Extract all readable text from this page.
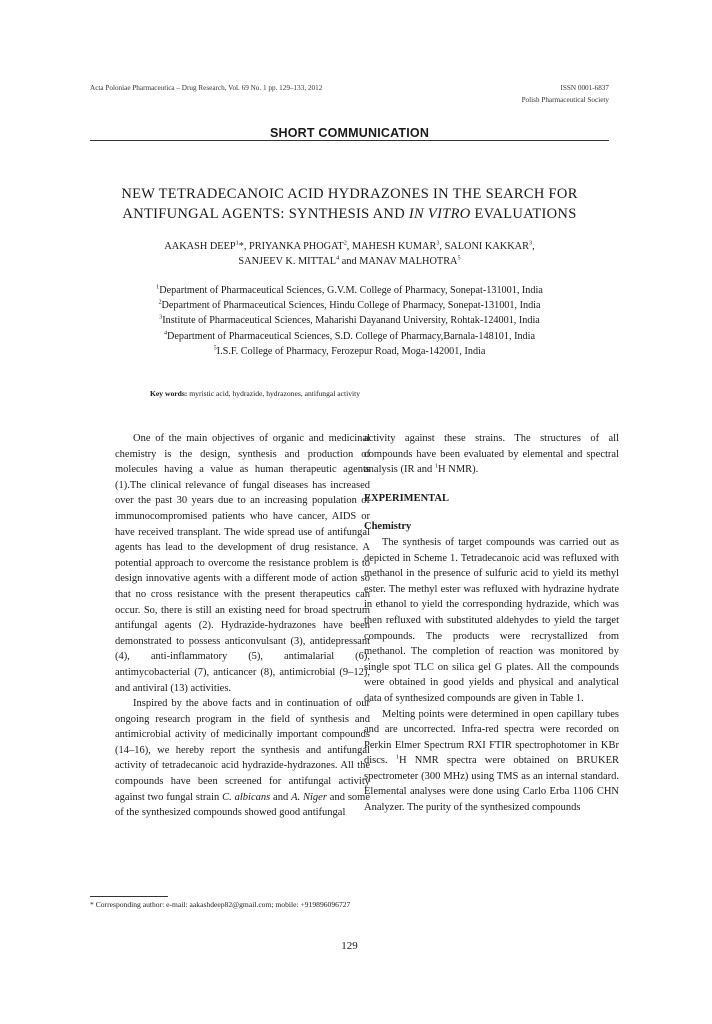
Acta Poloniae Pharmaceutica – Drug Research, Vol. 69 No. 1 pp. 129–133, 2012	ISSN 0001-6837
Polish Pharmaceutical Society
SHORT COMMUNICATION
NEW TETRADECANOIC ACID HYDRAZONES IN THE SEARCH FOR
ANTIFUNGAL AGENTS: SYNTHESIS AND IN VITRO EVALUATIONS
AAKASH DEEP$^1$*, PRIYANKA PHOGAT$^2$, MAHESH KUMAR$^3$, SALONI KAKKAR$^3$,
SANJEEV K. MITTAL$^4$ and MANAV MALHOTRA$^5$
$^1$Department of Pharmaceutical Sciences, G.V.M. College of Pharmacy, Sonepat-131001, India
$^2$Department of Pharmaceutical Sciences, Hindu College of Pharmacy, Sonepat-131001, India
$^3$Institute of Pharmaceutical Sciences, Maharishi Dayanand University, Rohtak-124001, India
$^4$Department of Pharmaceutical Sciences, S.D. College of Pharmacy,Barnala-148101, India
$^5$I.S.F. College of Pharmacy, Ferozepur Road, Moga-142001, India
Key words: myristic acid, hydrazide, hydrazones, antifungal activity

One of the main objectives of organic and medicinal chemistry is the design, synthesis and production of molecules having a value as human therapeutic agents (1).The clinical relevance of fungal diseases has increased over the past 30 years due to an increasing population of immunocompromised patients who have cancer, AIDS or have received transplant. The wide spread use of antifungal agents has lead to the development of drug resistance. A potential approach to overcome the resistance problem is to design innovative agents with a different mode of action so that no cross resistance with the present therapeutics can occur. So, there is still an existing need for broad spectrum antifungal agents (2). Hydrazide-hydrazones have been demonstrated to possess anticonvulsant (3), antidepressant (4), anti-inflammatory (5), antimalarial (6), antimycobacterial (7), anticancer (8), antimicrobial (9–12), and antiviral (13) activities.

Inspired by the above facts and in continuation of our ongoing research program in the field of synthesis and antimicrobial activity of medicinally important compounds (14–16), we hereby report the synthesis and antifungal activity of tetradecanoic acid hydrazide-hydrazones. All the compounds have been screened for antifungal activity against two fungal strain C. albicans and A. Niger and some of the synthesized compounds showed good antifungal

activity against these strains. The structures of all compounds have been evaluated by elemental and spectral analysis (IR and $^1$H NMR).

EXPERIMENTAL

Chemistry

The synthesis of target compounds was carried out as depicted in Scheme 1. Tetradecanoic acid was refluxed with methanol in the presence of sulfuric acid to yield its methyl ester. The methyl ester was refluxed with hydrazine hydrate in ethanol to yield the corresponding hydrazide, which was then refluxed with substituted aldehydes to yield the target compounds. The products were recrystallized from methanol. The completion of reaction was monitored by single spot TLC on silica gel G plates. All the compounds were obtained in good yields and physical and analytical data of synthesized compounds are given in Table 1.

Melting points were determined in open capillary tubes and are uncorrected. Infra-red spectra were recorded on Perkin Elmer Spectrum RXI FTIR spectrophotomer in KBr discs. $^1$H NMR spectra were obtained on BRUKER spectrometer (300 MHz) using TMS as an internal standard. Elemental analyses were done using Carlo Erba 1106 CHN Analyzer. The purity of the synthesized compounds

* Corresponding author: e-mail: aakashdeep82@gmail.com; mobile: +919896096727
129
